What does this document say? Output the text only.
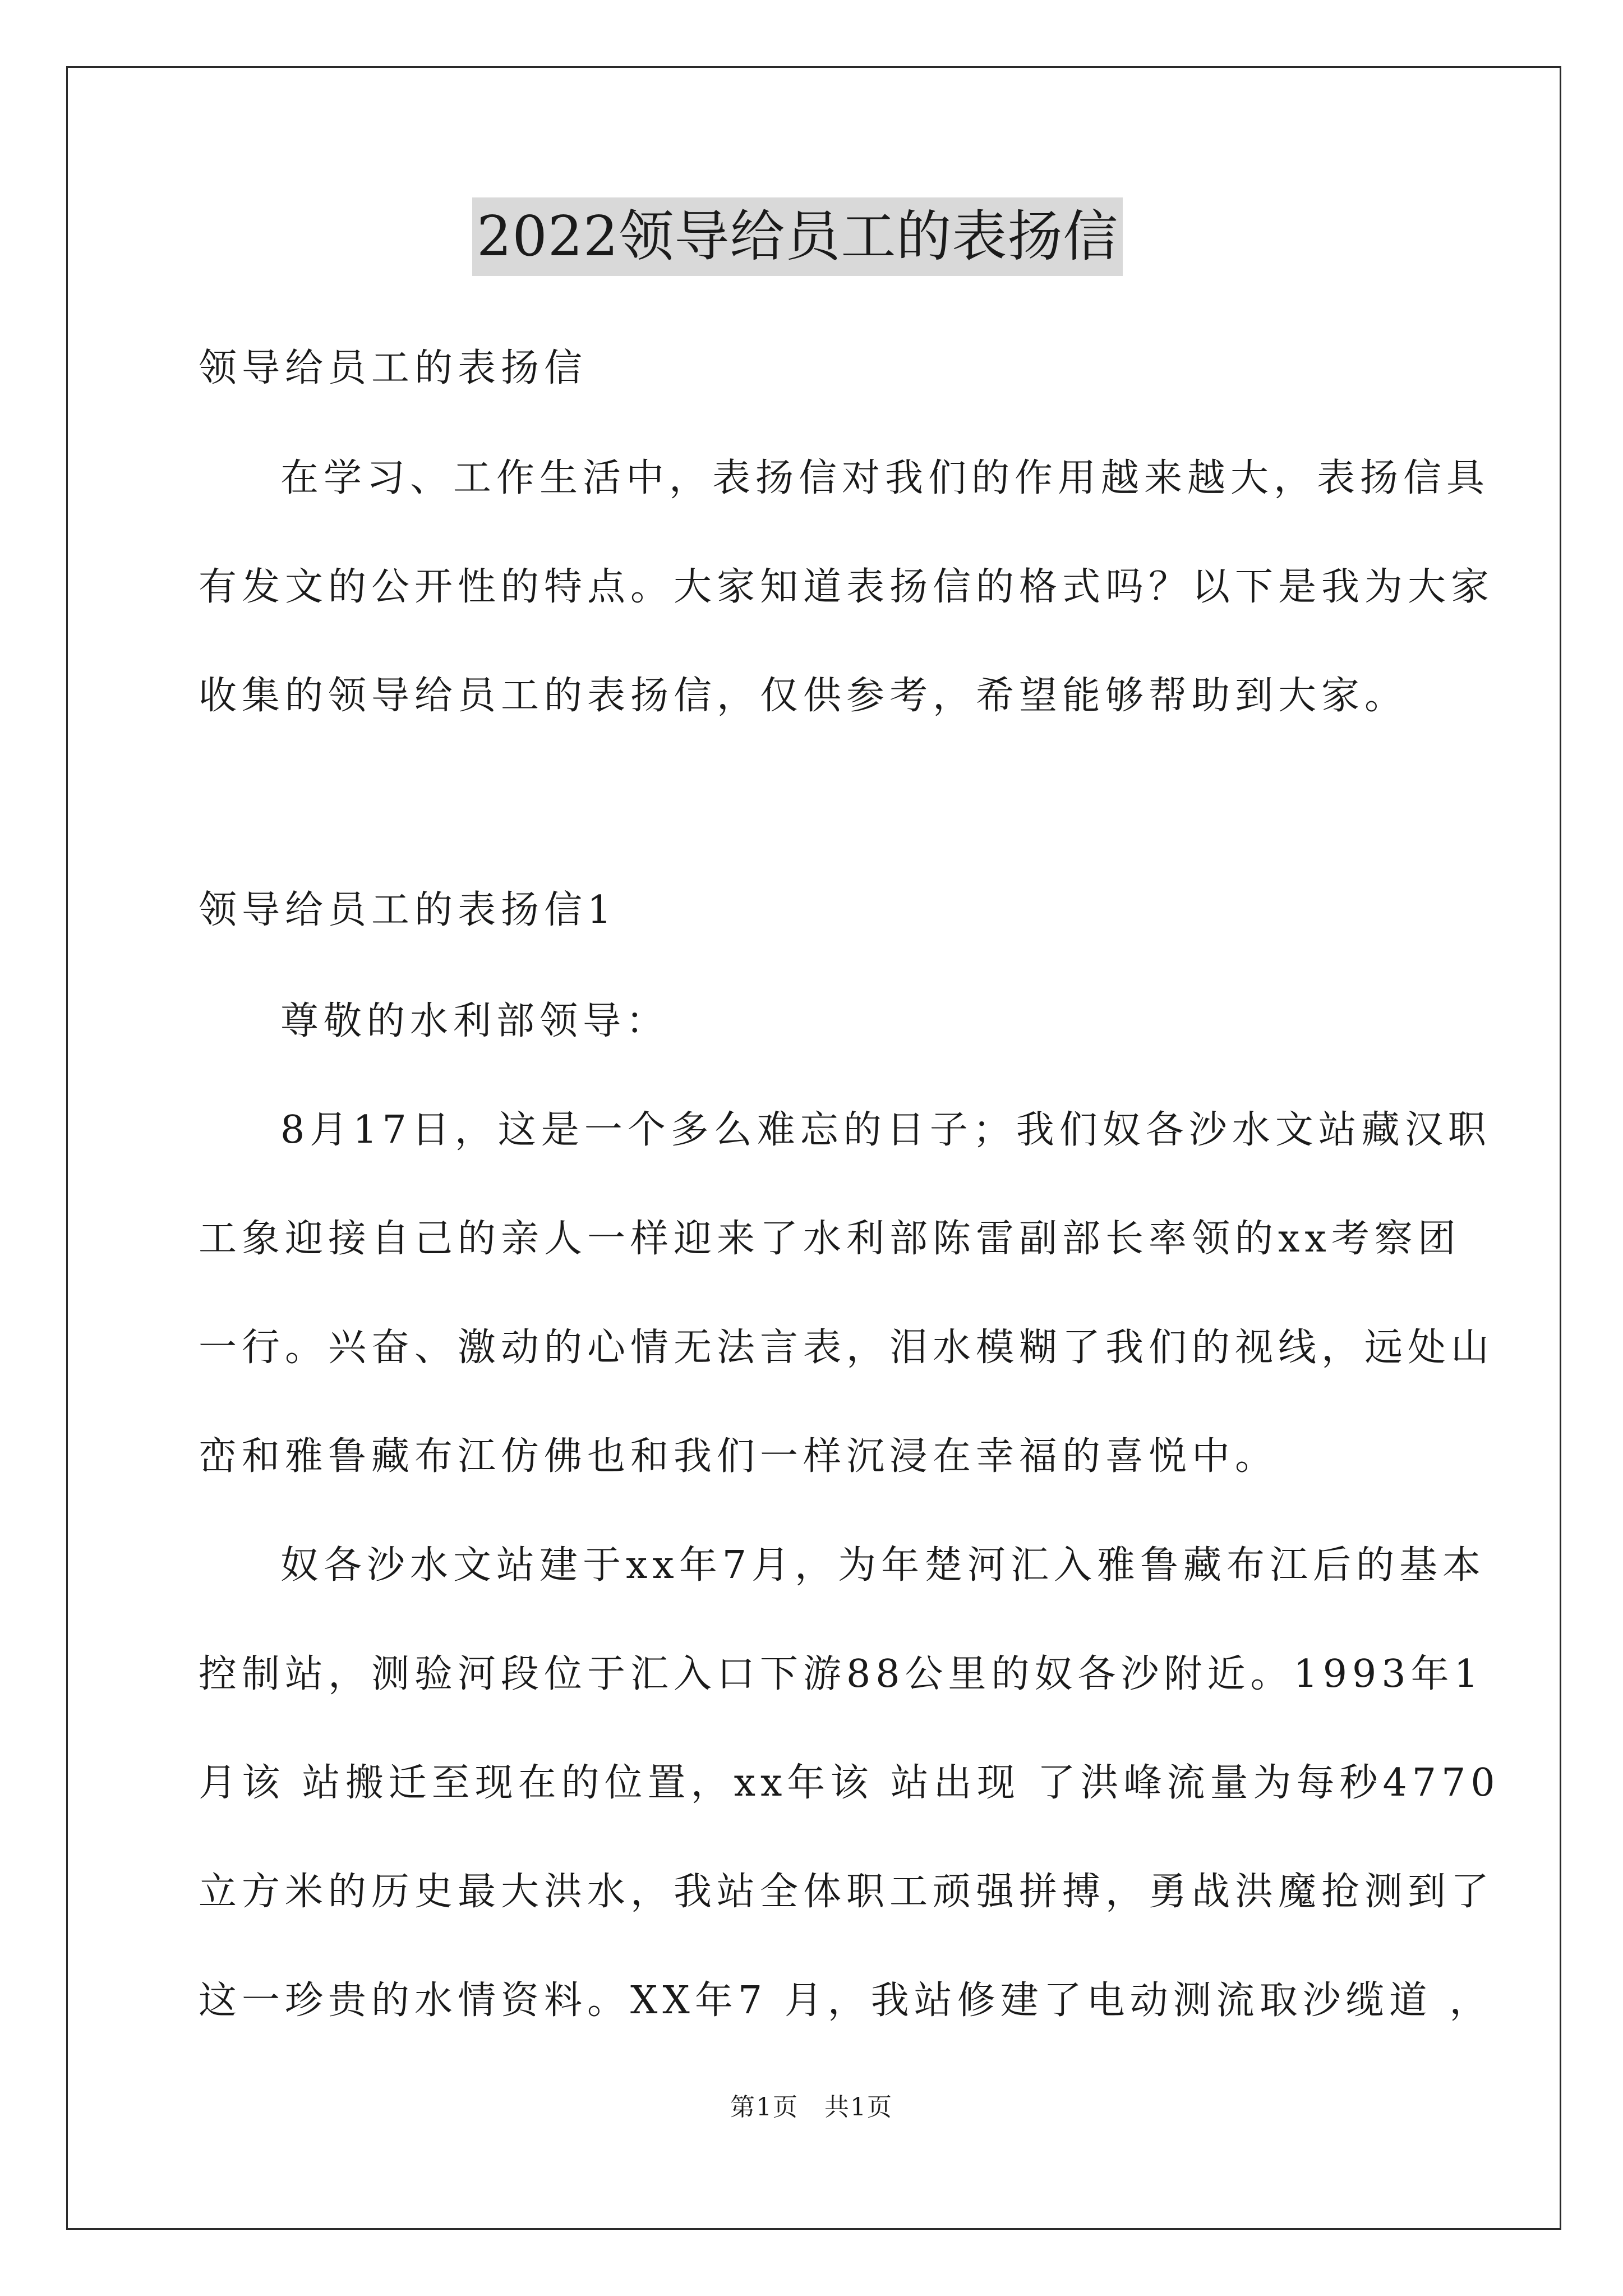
2022领导给员工的表扬信
领导给员工的表扬信
在学习、工作生活中，表扬信对我们的作用越来越大，表扬信具
有发文的公开性的特点。大家知道表扬信的格式吗？以下是我为大家
收集的领导给员工的表扬信，仅供参考，希望能够帮助到大家。
领导给员工的表扬信1
尊敬的水利部领导：
8月17日，这是一个多么难忘的日子；我们奴各沙水文站藏汉职
工象迎接自己的亲人一样迎来了水利部陈雷副部长率领的xx考察团
一行。兴奋、激动的心情无法言表，泪水模糊了我们的视线，远处山
峦和雅鲁藏布江仿佛也和我们一样沉浸在幸福的喜悦中。
奴各沙水文站建于xx年7月，为年楚河汇入雅鲁藏布江后的基本
控制站，测验河段位于汇入口下游88公里的奴各沙附近。1993年1
月该 站搬迁至现在的位置，xx年该 站出现 了洪峰流量为每秒4770
立方米的历史最大洪水，我站全体职工顽强拼搏，勇战洪魔抢测到了
这一珍贵的水情资料。XX年7 月，我站修建了电动测流取沙缆道 ，
第1页　共1页
